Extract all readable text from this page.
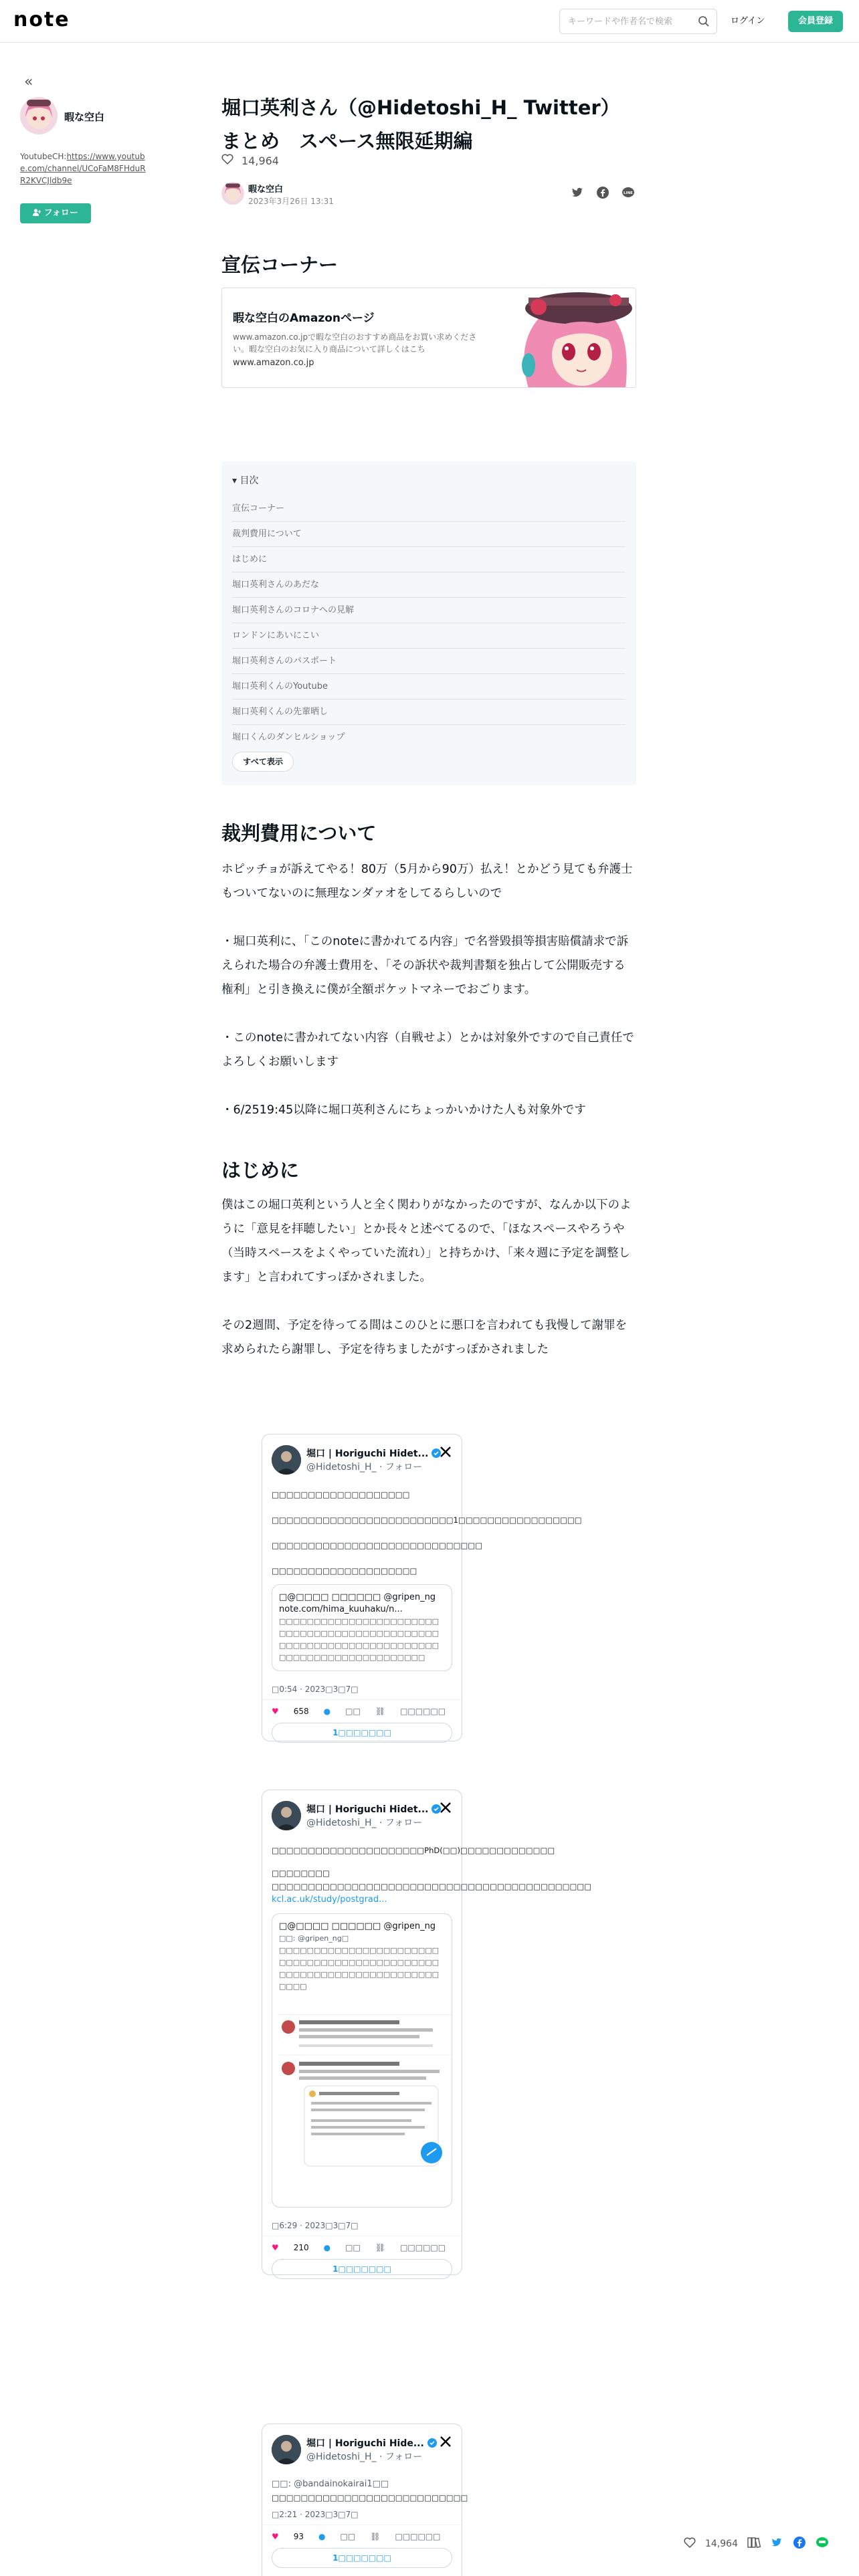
note
キーワードや作者名で検索	ログイン	会員登録
«
暇な空白
YoutubeCH:https://www.youtube.com/channel/UCoFaM8FHduRR2KVCJldb9e
フォロー
堀口英利さん（@Hidetoshi_H_ Twitter）まとめ　スペース無限延期編
14,964
暇な空白
2023年3月26日 13:31
LINE
宣伝コーナー
暇な空白のAmazonページ
www.amazon.co.jpで暇な空白のおすすめ商品をお買い求めください。暇な空白のお気に入り商品について詳しくはこち
www.amazon.co.jp
▾ 目次
宣伝コーナー
裁判費用について
はじめに
堀口英利さんのあだな
堀口英利さんのコロナへの見解
ロンドンにあいにこい
堀口英利さんのパスポート
堀口英利くんのYoutube
堀口英利くんの先輩晒し
堀口くんのダンヒルショップ
すべて表示
裁判費用について

ホピッチョが訴えてやる！80万（5月から90万）払え！とかどう見ても弁護士もついてないのに無理なンダァオをしてるらしいので

・堀口英利に、「このnoteに書かれてる内容」で名誉毀損等損害賠償請求で訴えられた場合の弁護士費用を、「その訴状や裁判書類を独占して公開販売する権利」と引き換えに僕が全額ポケットマネーでおごります。

・このnoteに書かれてない内容（自戦せよ）とかは対象外ですので自己責任でよろしくお願いします

・6/2519:45以降に堀口英利さんにちょっかいかけた人も対象外です

はじめに

僕はこの堀口英利という人と全く関わりがなかったのですが、なんか以下のように「意見を拝聴したい」とか長々と述べてるので、「ほなスペースやろうや（当時スペースをよくやっていた流れ）」と持ちかけ、「来々週に予定を調整します」と言われてすっぽかされました。

その2週間、予定を待ってる間はこのひとに悪口を言われても我慢して謝罪を求められたら謝罪し、予定を待ちましたがすっぽかされました

堀口 | Horiguchi Hidet...
@Hidetoshi_H_ · フォロー
□□□□□□□□□□□□□□□□□□□
□□□□□□□□□□□□□□□□□□□□□□□□□1□□□□□□□□□□□□□□□□□
□□□□□□□□□□□□□□□□□□□□□□□□□□□□□
□□□□□□□□□□□□□□□□□□□□
□@□□□□ □□□□□□ @gripen_ng
note.com/hima_kuuhaku/n...
□□□□□□□□□□□□□□□□□□□□□□□□□□□□□□□□□□□□□□□□□□□□□□□□□□□□□□□□□□□□□□□□□□□□□□□□□□□□□□□□□□□□□□□□□□
□0:54 · 2023□3□7□
♥ 658 ● □□ ⛓ □□□□□□
1□□□□□□□
堀口 | Horiguchi Hidet...
@Hidetoshi_H_ · フォロー
□□□□□□□□□□□□□□□□□□□□□PhD(□□)□□□□□□□□□□□□□
□□□□□□□□
□□□□□□□□□□□□□□□□□□□□□□□□□□□□□□□□□□□□□□□□□□□□
kcl.ac.uk/study/postgrad...
□@□□□□ □□□□□□ @gripen_ng
□□: @gripen_ng□
□□□□□□□□□□□□□□□□□□□□□□□□□□□□□□□□□□□□□□□□□□□□□□□□□□□□□□□□□□□□□□□□□□□□□□□□□
□6:29 · 2023□3□7□
♥ 210 ● □□ ⛓ □□□□□□
1□□□□□□□
堀口 | Horiguchi Hide...
@Hidetoshi_H_ · フォロー
□□: @bandainokairai1□□
□□□□□□□□□□□□□□□□□□□□□□□□□□□
□2:21 · 2023□3□7□
♥ 93 ● □□ ⛓ □□□□□□
1□□□□□□□
14,964
